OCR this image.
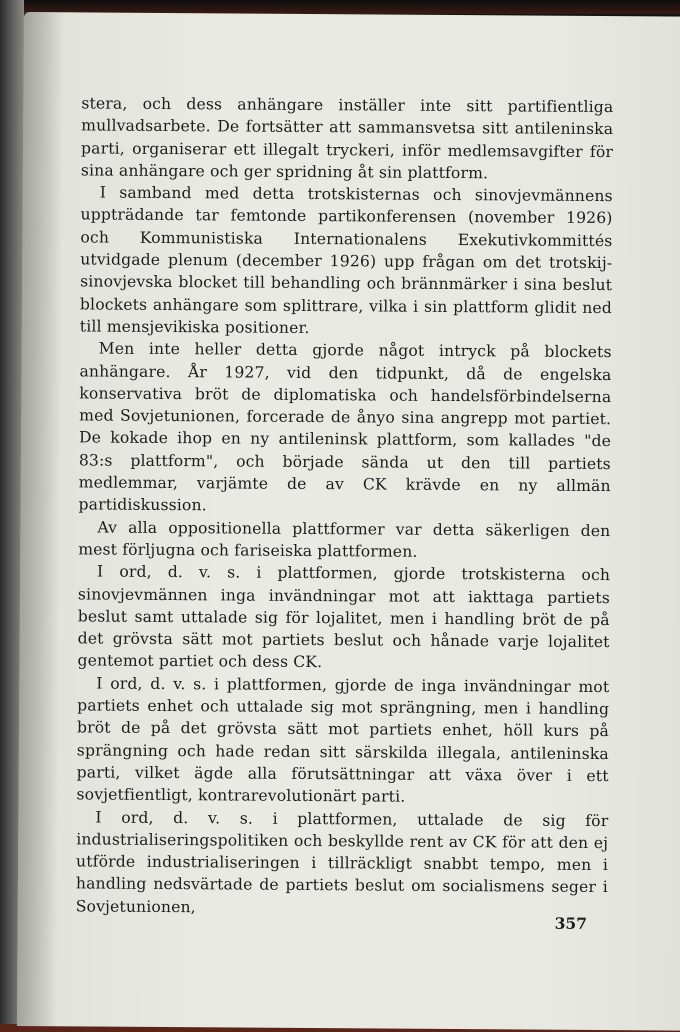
stera, och dess anhängare inställer inte sitt partifientliga mullvadsarbete. De fortsätter att sammansvetsa sitt antileninska parti, organiserar ett illegalt tryckeri, inför medlemsavgifter för sina anhängare och ger spridning åt sin plattform.

I samband med detta trotskisternas och sinovjevmännens uppträdande tar femtonde partikonferensen (november 1926) och Kommunistiska Internationalens Exekutivkommittés utvidgade plenum (december 1926) upp frågan om det trotskij-sinovjevska blocket till behandling och brännmärker i sina beslut blockets anhängare som splittrare, vilka i sin plattform glidit ned till mensjevikiska positioner.

Men inte heller detta gjorde något intryck på blockets anhängare. År 1927, vid den tidpunkt, då de engelska konservativa bröt de diplomatiska och handelsförbindelserna med Sovjetunionen, forcerade de ånyo sina angrepp mot partiet. De kokade ihop en ny antileninsk plattform, som kallades "de 83:s plattform", och började sända ut den till partiets medlemmar, varjämte de av CK krävde en ny allmän partidiskussion.

Av alla oppositionella plattformer var detta säkerligen den mest förljugna och fariseiska plattformen.

I ord, d. v. s. i plattformen, gjorde trotskisterna och sinovjevmännen inga invändningar mot att iakttaga partiets beslut samt uttalade sig för lojalitet, men i handling bröt de på det grövsta sätt mot partiets beslut och hånade varje lojalitet gentemot partiet och dess CK.

I ord, d. v. s. i plattformen, gjorde de inga invändningar mot partiets enhet och uttalade sig mot sprängning, men i handling bröt de på det grövsta sätt mot partiets enhet, höll kurs på sprängning och hade redan sitt särskilda illegala, antileninska parti, vilket ägde alla förutsättningar att växa över i ett sovjetfientligt, kontrarevolutionärt parti.

I ord, d. v. s. i plattformen, uttalade de sig för industrialiseringspolitiken och beskyllde rent av CK för att den ej utförde industrialiseringen i tillräckligt snabbt tempo, men i handling nedsvärtade de partiets beslut om socialismens seger i Sovjetunionen,

357
